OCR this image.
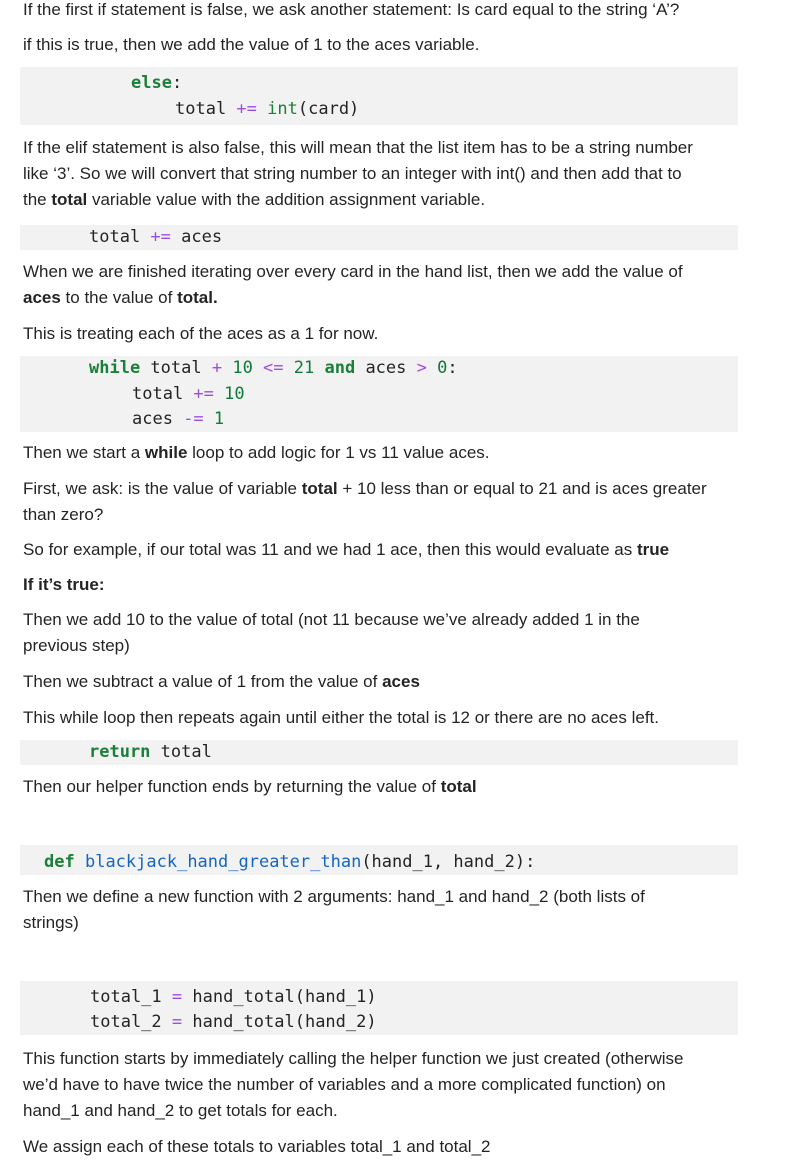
If the first if statement is false, we ask another statement: Is card equal to the string ‘A’?

if this is true, then we add the value of 1 to the aces variable.

else:

total += int(card)

If the elif statement is also false, this will mean that the list item has to be a string number
like ‘3’. So we will convert that string number to an integer with int() and then add that to
the total variable value with the addition assignment variable.

total += aces

When we are finished iterating over every card in the hand list, then we add the value of
aces to the value of total.

This is treating each of the aces as a 1 for now.

while total + 10 <= 21 and aces > 0:

total += 10

aces -= 1

Then we start a while loop to add logic for 1 vs 11 value aces.

First, we ask: is the value of variable total + 10 less than or equal to 21 and is aces greater
than zero?

So for example, if our total was 11 and we had 1 ace, then this would evaluate as true

If it’s true:

Then we add 10 to the value of total (not 11 because we’ve already added 1 in the
previous step)

Then we subtract a value of 1 from the value of aces

This while loop then repeats again until either the total is 12 or there are no aces left.

return total

Then our helper function ends by returning the value of total

def blackjack_hand_greater_than(hand_1, hand_2):

Then we define a new function with 2 arguments: hand_1 and hand_2 (both lists of
strings)

total_1 = hand_total(hand_1)

total_2 = hand_total(hand_2)

This function starts by immediately calling the helper function we just created (otherwise
we’d have to have twice the number of variables and a more complicated function) on
hand_1 and hand_2 to get totals for each.

We assign each of these totals to variables total_1 and total_2
